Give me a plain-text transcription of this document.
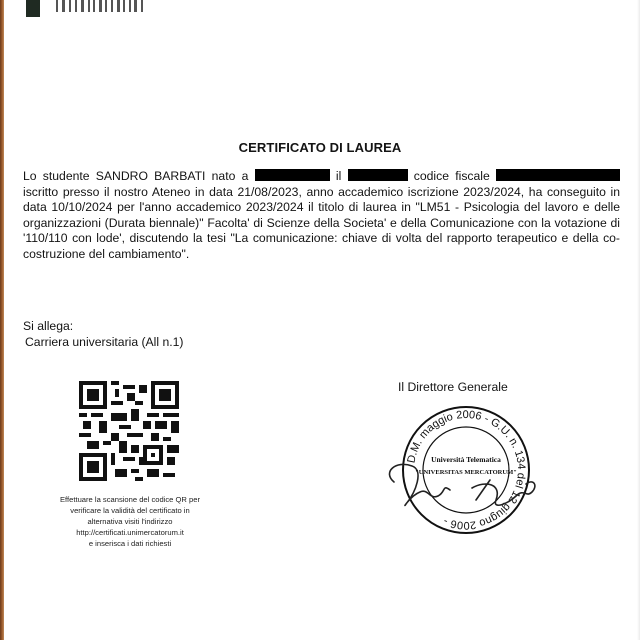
CERTIFICATO DI LAUREA
Lo studente SANDRO BARBATI nato a	il	codice fiscale  iscritto presso il nostro Ateneo in data 21/08/2023, anno accademico iscrizione 2023/2024, ha conseguito in data 10/10/2024 per l'anno accademico 2023/2024 il titolo di laurea in "LM51 - Psicologia del lavoro e delle organizzazioni (Durata biennale)" Facolta' di Scienze della Societa' e della Comunicazione con la votazione di '110/110 con lode', discutendo la tesi "La comunicazione: chiave di volta del rapporto terapeutico e della co-costruzione del cambiamento".
Si allega:
Carriera universitaria (All n.1)
Effettuare la scansione del codice QR per
verificare la validità del certificato in
alternativa visiti l'indirizzo
http://certificati.unimercatorum.it
e inserisca i dati richiesti
Il Direttore Generale
D.M. maggio 2006 - G.U. n. 134 del 12 giugno 2006 -
Università Telematica
"UNIVERSITAS MERCATORUM"
